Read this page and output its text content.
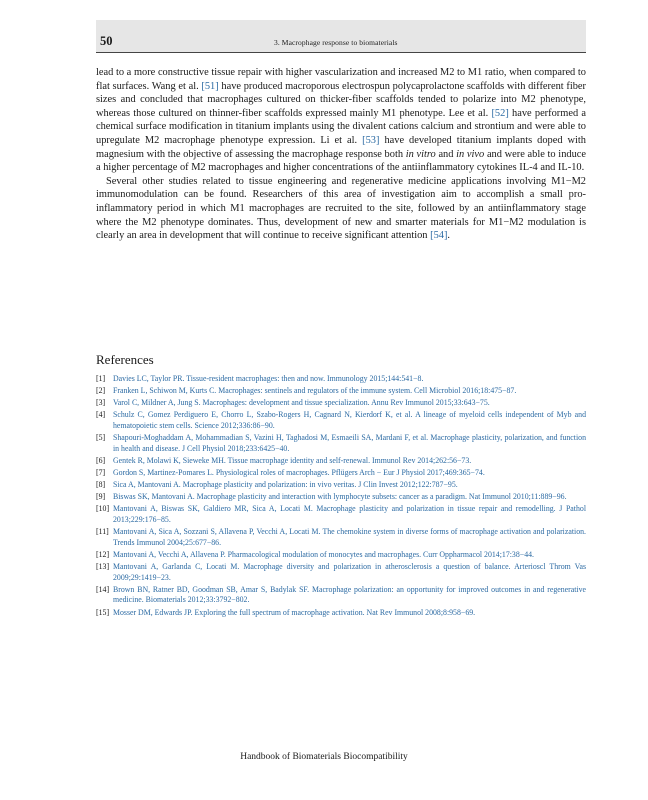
50	3. Macrophage response to biomaterials

lead to a more constructive tissue repair with higher vascularization and increased M2 to M1 ratio, when compared to flat surfaces. Wang et al. [51] have produced macroporous electrospun polycaprolactone scaffolds with different fiber sizes and concluded that macrophages cultured on thicker-fiber scaffolds tended to polarize into M2 phenotype, whereas those cultured on thinner-fiber scaffolds expressed mainly M1 phenotype. Lee et al. [52] have performed a chemical surface modification in titanium implants using the divalent cations calcium and strontium and were able to upregulate M2 macrophage phenotype expression. Li et al. [53] have developed titanium implants doped with magnesium with the objective of assessing the macrophage response both in vitro and in vivo and were able to induce a higher percentage of M2 macrophages and higher concentrations of the antiinflammatory cytokines IL-4 and IL-10.

Several other studies related to tissue engineering and regenerative medicine applications involving M1−M2 immunomodulation can be found. Researchers of this area of investigation aim to accomplish a small pro-inflammatory period in which M1 macrophages are recruited to the site, followed by an antiinflammatory stage where the M2 phenotype dominates. Thus, development of new and smarter materials for M1−M2 modulation is clearly an area in development that will continue to receive significant attention [54].

References
[1] Davies LC, Taylor PR. Tissue-resident macrophages: then and now. Immunology 2015;144:541−8.
[2] Franken L, Schiwon M, Kurts C. Macrophages: sentinels and regulators of the immune system. Cell Microbiol 2016;18:475−87.
[3] Varol C, Mildner A, Jung S. Macrophages: development and tissue specialization. Annu Rev Immunol 2015;33:643−75.
[4] Schulz C, Gomez Perdiguero E, Chorro L, Szabo-Rogers H, Cagnard N, Kierdorf K, et al. A lineage of myeloid cells independent of Myb and hematopoietic stem cells. Science 2012;336:86−90.
[5] Shapouri-Moghaddam A, Mohammadian S, Vazini H, Taghadosi M, Esmaeili SA, Mardani F, et al. Macrophage plasticity, polarization, and function in health and disease. J Cell Physiol 2018;233:6425−40.
[6] Gentek R, Molawi K, Sieweke MH. Tissue macrophage identity and self-renewal. Immunol Rev 2014;262:56−73.
[7] Gordon S, Martinez-Pomares L. Physiological roles of macrophages. Pflügers Arch − Eur J Physiol 2017;469:365−74.
[8] Sica A, Mantovani A. Macrophage plasticity and polarization: in vivo veritas. J Clin Invest 2012;122:787−95.
[9] Biswas SK, Mantovani A. Macrophage plasticity and interaction with lymphocyte subsets: cancer as a paradigm. Nat Immunol 2010;11:889−96.
[10] Mantovani A, Biswas SK, Galdiero MR, Sica A, Locati M. Macrophage plasticity and polarization in tissue repair and remodelling. J Pathol 2013;229:176−85.
[11] Mantovani A, Sica A, Sozzani S, Allavena P, Vecchi A, Locati M. The chemokine system in diverse forms of macrophage activation and polarization. Trends Immunol 2004;25:677−86.
[12] Mantovani A, Vecchi A, Allavena P. Pharmacological modulation of monocytes and macrophages. Curr Oppharmacol 2014;17:38−44.
[13] Mantovani A, Garlanda C, Locati M. Macrophage diversity and polarization in atherosclerosis a question of balance. Arterioscl Throm Vas 2009;29:1419−23.
[14] Brown BN, Ratner BD, Goodman SB, Amar S, Badylak SF. Macrophage polarization: an opportunity for improved outcomes in and regenerative medicine. Biomaterials 2012;33:3792−802.
[15] Mosser DM, Edwards JP. Exploring the full spectrum of macrophage activation. Nat Rev Immunol 2008;8:958−69.
Handbook of Biomaterials Biocompatibility
